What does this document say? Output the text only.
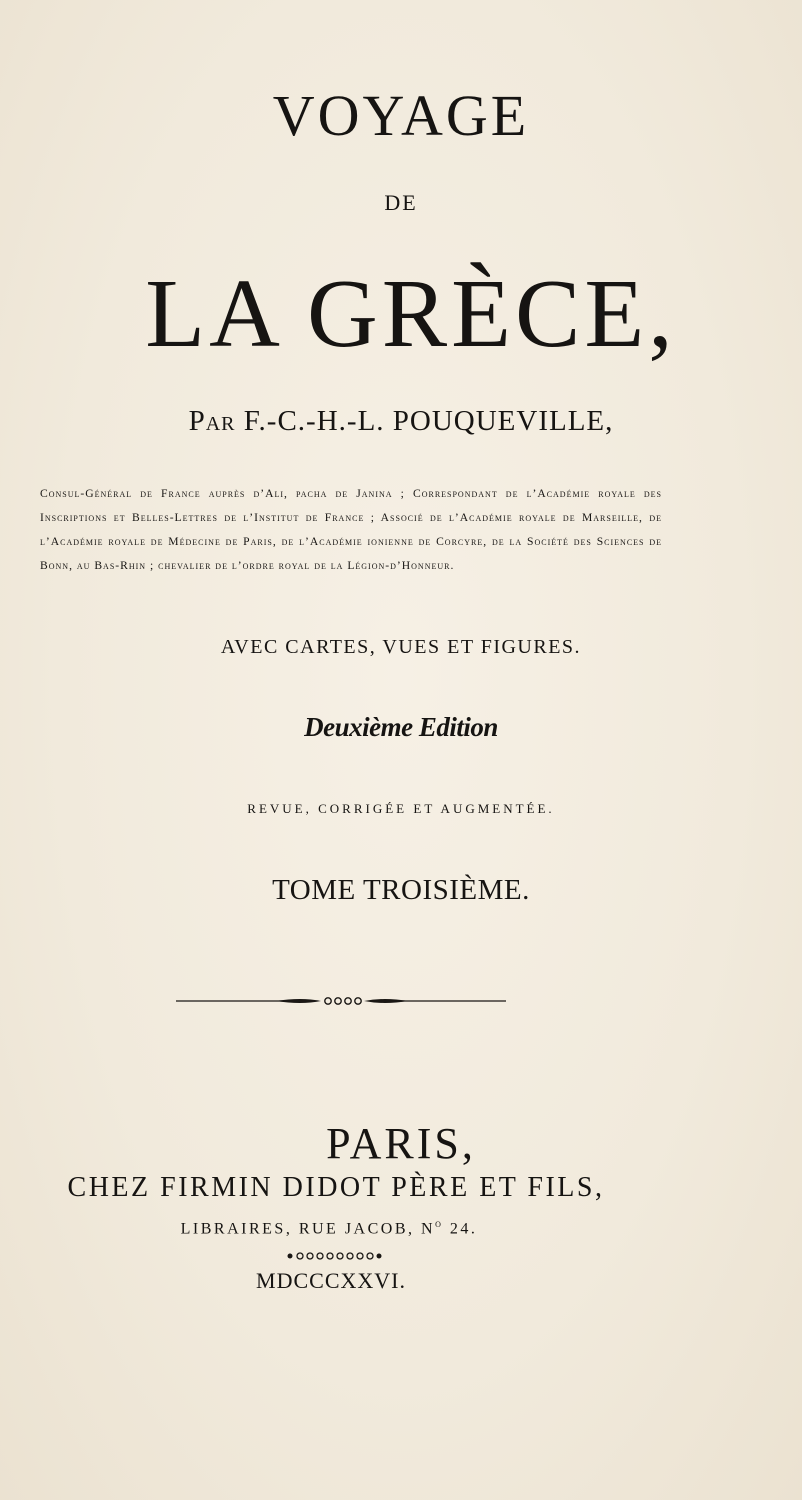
VOYAGE
DE
LA GRÈCE,
Par F.-C.-H.-L. POUQUEVILLE,
Consul-Général de France auprès d’Ali, pacha de Janina ; Correspondant de l’Académie royale des Inscriptions et Belles-Lettres de l’Institut de France ; Associé de l’Académie royale de Marseille, de l’Académie royale de Médecine de Paris, de l’Académie ionienne de Corcyre, de la Société des Sciences de Bonn, au Bas-Rhin ; chevalier de l’ordre royal de la Légion-d’Honneur.
AVEC CARTES, VUES ET FIGURES.
Deuxième Edition
REVUE, CORRIGÉE ET AUGMENTÉE.
TOME TROISIÈME.
PARIS,
CHEZ FIRMIN DIDOT PÈRE ET FILS,
LIBRAIRES, RUE JACOB, $N^o$ 24.
MDCCCXXVI.
